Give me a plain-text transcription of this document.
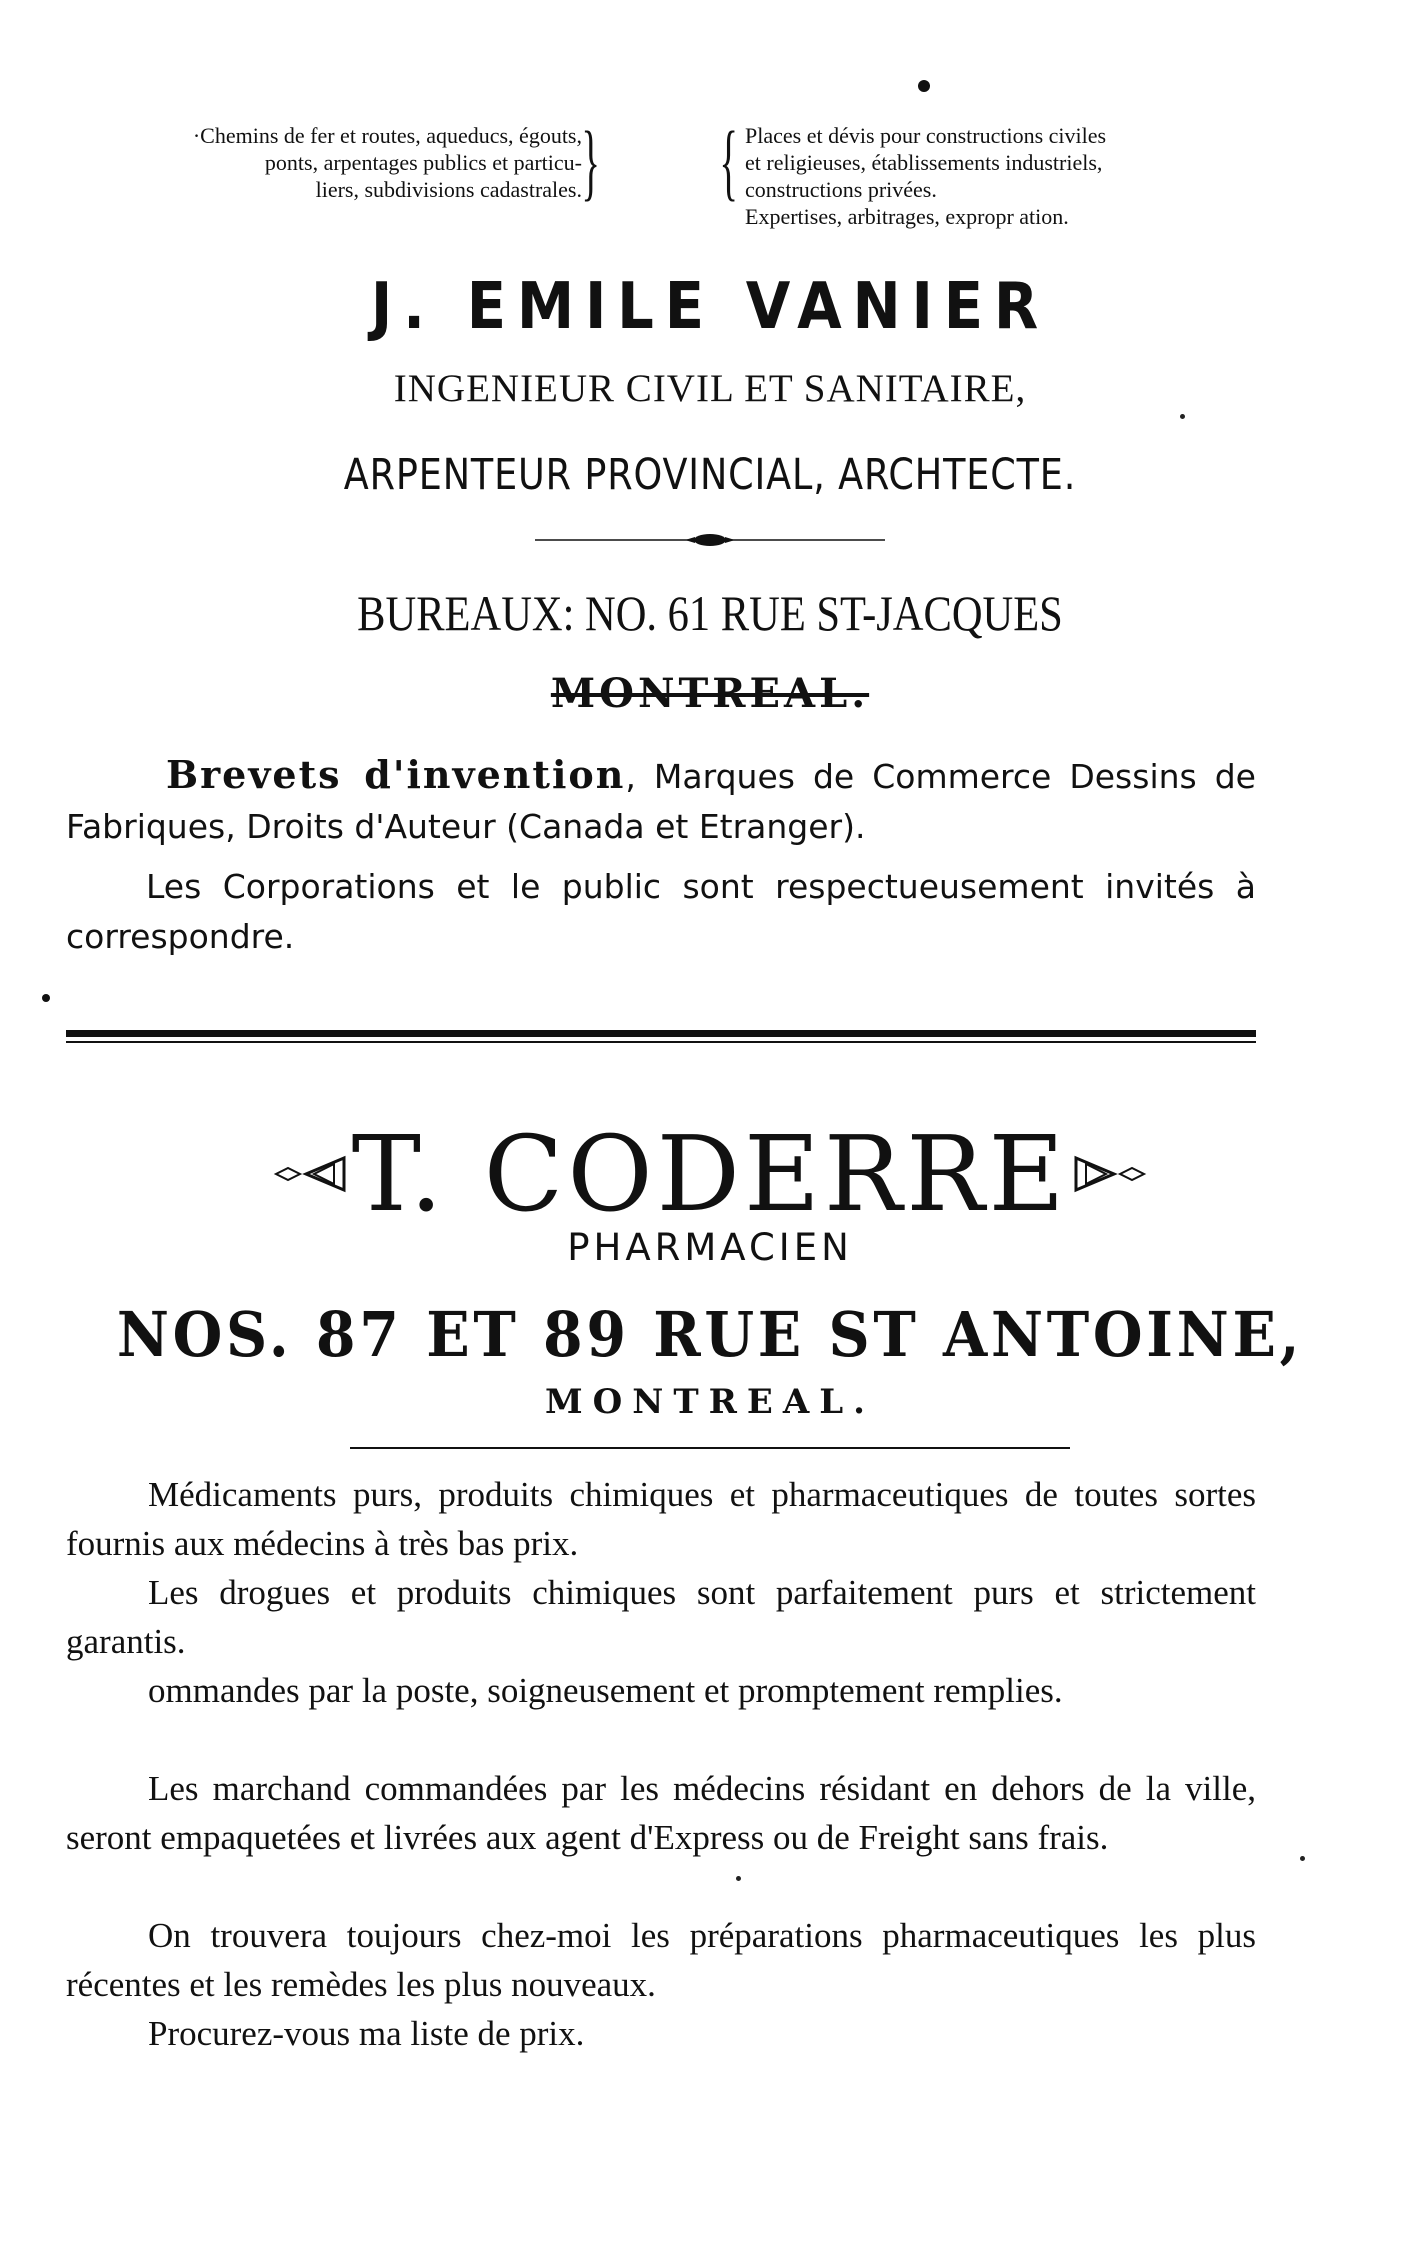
·Chemins de fer et routes, aqueducs, égouts,
ponts, arpentages publics et particu-
liers, subdivisions cadastrales. } { Places et dévis pour constructions civiles
et religieuses, établissements industriels,
constructions privées.
Expertises, arbitrages, expropr ation.
J. EMILE VANIER
INGENIEUR CIVIL ET SANITAIRE,
ARPENTEUR PROVINCIAL, ARCHTECTE.
BUREAUX: NO. 61 RUE ST-JACQUES
MONTREAL.
Brevets d'invention, Marques de Commerce Dessins de Fabriques, Droits d'Auteur (Canada et Etranger).
Les Corporations et le public sont respectueusement invités à correspondre.
T. CODERRE
PHARMACIEN
NOS. 87 ET 89 RUE ST ANTOINE,
MONTREAL.
Médicaments purs, produits chimiques et pharmaceutiques de toutes sortes fournis aux médecins à très bas prix.
Les drogues et produits chimiques sont parfaitement purs et strictement garantis.
ommandes par la poste, soigneusement et promptement remplies.
Les marchand commandées par les médecins résidant en dehors de la ville, seront empaquetées et livrées aux agent d'Express ou de Freight sans frais.
On trouvera toujours chez-moi les préparations pharmaceutiques les plus récentes et les remèdes les plus nouveaux.
Procurez-vous ma liste de prix.
